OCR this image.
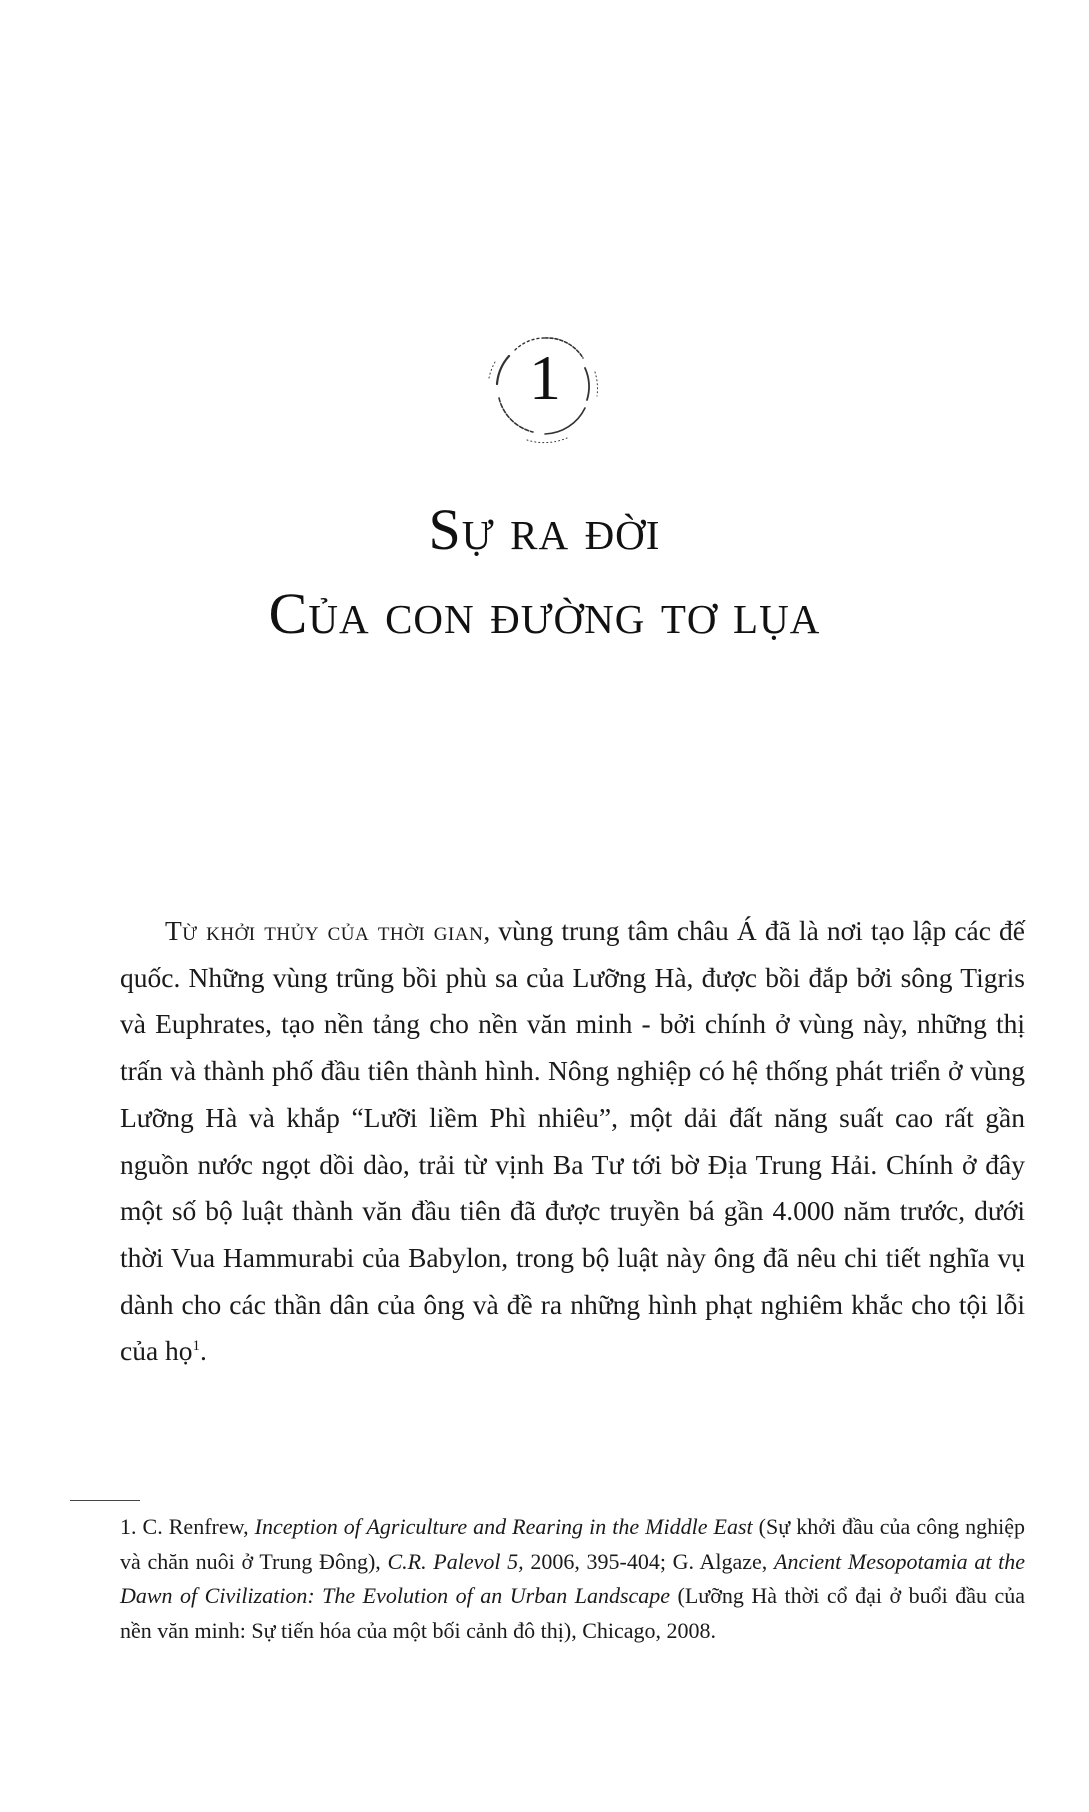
1
Sự ra đời
Của con đường tơ lụa

Từ khởi thủy của thời gian, vùng trung tâm châu Á đã là nơi tạo lập các đế quốc. Những vùng trũng bồi phù sa của Lưỡng Hà, được bồi đắp bởi sông Tigris và Euphrates, tạo nền tảng cho nền văn minh - bởi chính ở vùng này, những thị trấn và thành phố đầu tiên thành hình. Nông nghiệp có hệ thống phát triển ở vùng Lưỡng Hà và khắp “Lưỡi liềm Phì nhiêu”, một dải đất năng suất cao rất gần nguồn nước ngọt dồi dào, trải từ vịnh Ba Tư tới bờ Địa Trung Hải. Chính ở đây một số bộ luật thành văn đầu tiên đã được truyền bá gần 4.000 năm trước, dưới thời Vua Hammurabi của Babylon, trong bộ luật này ông đã nêu chi tiết nghĩa vụ dành cho các thần dân của ông và đề ra những hình phạt nghiêm khắc cho tội lỗi của họ$^1$.

1. C. Renfrew, Inception of Agriculture and Rearing in the Middle East (Sự khởi đầu của công nghiệp và chăn nuôi ở Trung Đông), C.R. Palevol 5, 2006, 395-404; G. Algaze, Ancient Mesopotamia at the Dawn of Civilization: The Evolution of an Urban Landscape (Lưỡng Hà thời cổ đại ở buổi đầu của nền văn minh: Sự tiến hóa của một bối cảnh đô thị), Chicago, 2008.
